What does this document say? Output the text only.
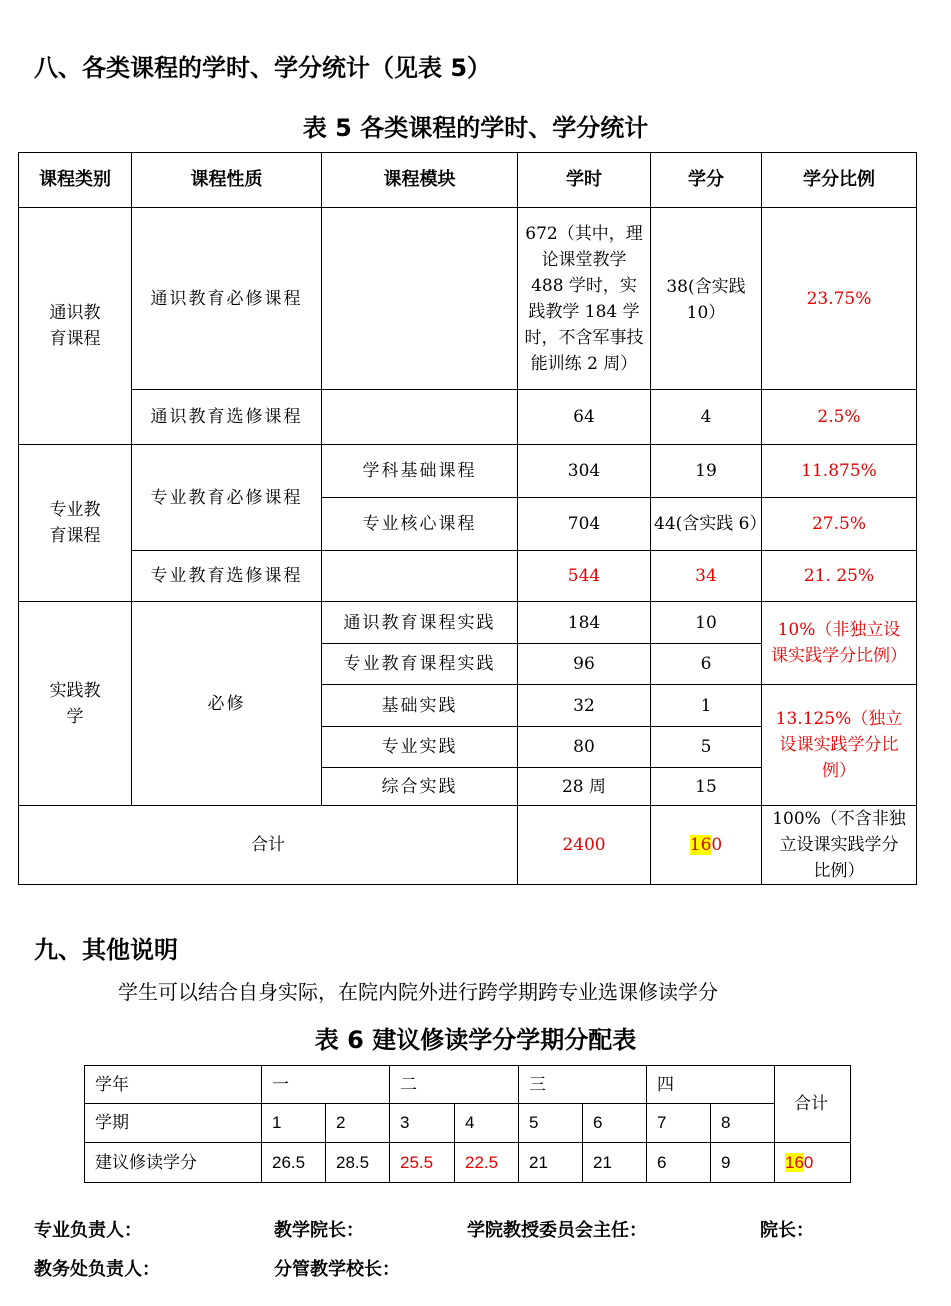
八、各类课程的学时、学分统计（见表 5）
表 5 各类课程的学时、学分统计
课程类别	课程性质	课程模块	学时	学分	学分比例
通识教育课程	通识教育必修课程		672（其中，理论课堂教学 488 学时，实践教学 184 学时，不含军事技能训练 2 周）	38(含实践 10）	23.75%
	通识教育选修课程		64	4	2.5%
专业教育课程	专业教育必修课程	学科基础课程	304	19	11.875%
		专业核心课程	704	44(含实践 6）	27.5%
	专业教育选修课程		544	34	21. 25%
实践教学	必修	通识教育课程实践	184	10	10%（非独立设课实践学分比例）
		专业教育课程实践	96	6	
		基础实践	32	1	13.125%（独立设课实践学分比例）
		专业实践	80	5	
		综合实践	28 周	15	
合计			2400	160	100%（不含非独立设课实践学分比例）
九、其他说明
学生可以结合自身实际，在院内院外进行跨学期跨专业选课修读学分
表 6 建议修读学分学期分配表
学年	一		二		三		四		合计
学期	1	2	3	4	5	6	7	8	
建议修读学分	26.5	28.5	25.5	22.5	21	21	6	9	160
专业负责人：	教学院长：	学院教授委员会主任：	院长：
教务处负责人：	分管教学校长：
